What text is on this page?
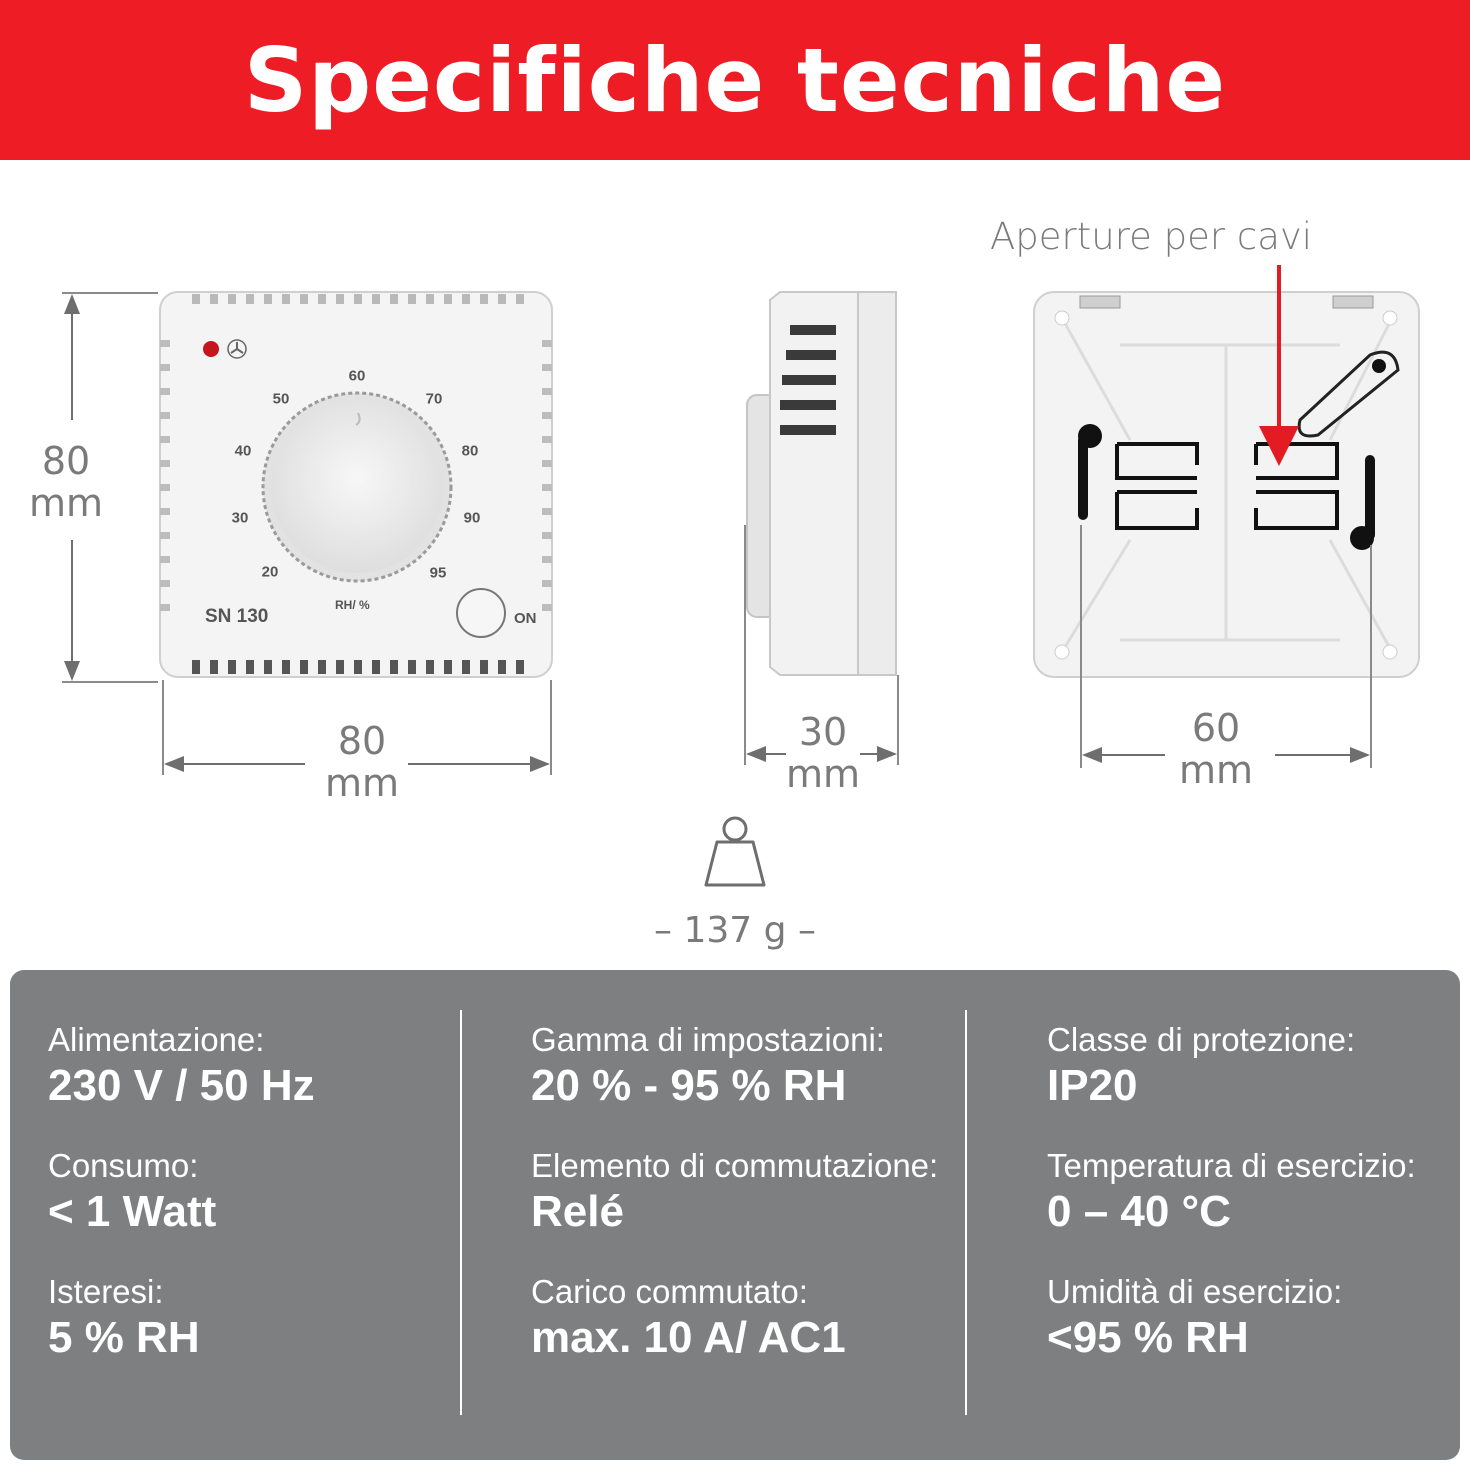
Specifiche tecniche
SN 130
RH/ %
ON
20
30
40
50
60
70
80
90
95
80
mm
80
mm
30
mm
60
mm
Aperture per cavi
– 137 g –
Alimentazione:
230 V / 50 Hz
Consumo:
< 1 Watt
Isteresi:
5 % RH
Gamma di impostazioni:
20 % - 95 % RH
Elemento di commutazione:
Relé
Carico commutato:
max. 10 A/ AC1
Classe di protezione:
IP20
Temperatura di esercizio:
0 – 40 °C
Umidità di esercizio:
<95 % RH
